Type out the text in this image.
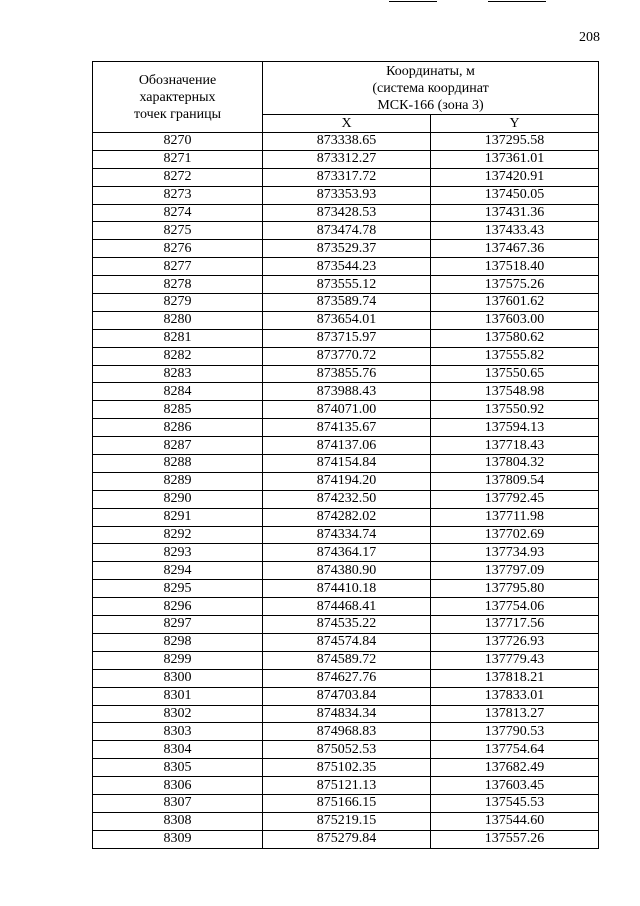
208
Обозначение
характерных
точек границы	Координаты, м
(система координат
МСК-166 (зона 3)	

	X	Y
8270	873338.65	137295.58
8271	873312.27	137361.01
8272	873317.72	137420.91
8273	873353.93	137450.05
8274	873428.53	137431.36
8275	873474.78	137433.43
8276	873529.37	137467.36
8277	873544.23	137518.40
8278	873555.12	137575.26
8279	873589.74	137601.62
8280	873654.01	137603.00
8281	873715.97	137580.62
8282	873770.72	137555.82
8283	873855.76	137550.65
8284	873988.43	137548.98
8285	874071.00	137550.92
8286	874135.67	137594.13
8287	874137.06	137718.43
8288	874154.84	137804.32
8289	874194.20	137809.54
8290	874232.50	137792.45
8291	874282.02	137711.98
8292	874334.74	137702.69
8293	874364.17	137734.93
8294	874380.90	137797.09
8295	874410.18	137795.80
8296	874468.41	137754.06
8297	874535.22	137717.56
8298	874574.84	137726.93
8299	874589.72	137779.43
8300	874627.76	137818.21
8301	874703.84	137833.01
8302	874834.34	137813.27
8303	874968.83	137790.53
8304	875052.53	137754.64
8305	875102.35	137682.49
8306	875121.13	137603.45
8307	875166.15	137545.53
8308	875219.15	137544.60
8309	875279.84	137557.26
